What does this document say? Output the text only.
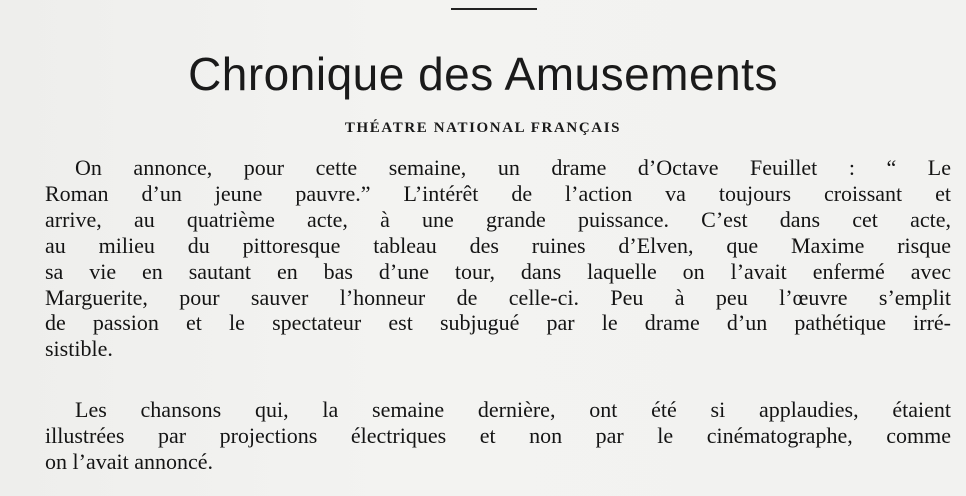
Chronique des Amusements
THÉATRE NATIONAL FRANÇAIS
On annonce, pour cette semaine, un drame d’Octave Feuillet : “ Le
Roman d’un jeune pauvre.” L’intérêt de l’action va toujours croissant et
arrive, au quatrième acte, à une grande puissance. C’est dans cet acte,
au milieu du pittoresque tableau des ruines d’Elven, que Maxime risque
sa vie en sautant en bas d’une tour, dans laquelle on l’avait enfermé avec
Marguerite, pour sauver l’honneur de celle-ci. Peu à peu l’œuvre s’emplit
de passion et le spectateur est subjugué par le drame d’un pathétique irré-
sistible.
Les chansons qui, la semaine dernière, ont été si applaudies, étaient
illustrées par projections électriques et non par le cinématographe, comme
on l’avait annoncé.
